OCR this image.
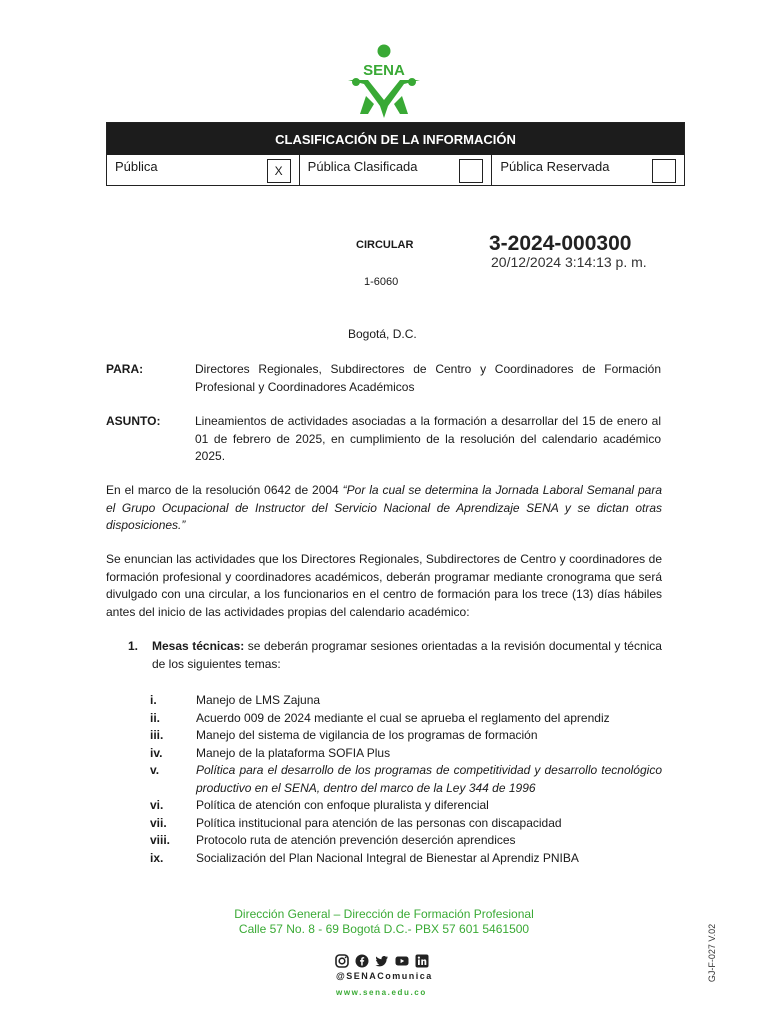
SENA
CLASIFICACIÓN DE LA INFORMACIÓN
Pública	X	Pública Clasificada	Pública Reservada
CIRCULAR	3-2024-000300
20/12/2024 3:14:13 p. m.
1-6060
Bogotá, D.C.
PARA:	Directores Regionales, Subdirectores de Centro y Coordinadores de Formación Profesional y Coordinadores Académicos
ASUNTO:	Lineamientos de actividades asociadas a la formación a desarrollar del 15 de enero al 01 de febrero de 2025, en cumplimiento de la resolución del calendario académico 2025.
En el marco de la resolución 0642 de 2004 “Por la cual se determina la Jornada Laboral Semanal para el Grupo Ocupacional de Instructor del Servicio Nacional de Aprendizaje SENA y se dictan otras disposiciones.”
Se enuncian las actividades que los Directores Regionales, Subdirectores de Centro y coordinadores de formación profesional y coordinadores académicos, deberán programar mediante cronograma que será divulgado con una circular, a los funcionarios en el centro de formación para los trece (13) días hábiles antes del inicio de las actividades propias del calendario académico:
1. Mesas técnicas: se deberán programar sesiones orientadas a la revisión documental y técnica de los siguientes temas:
i.	Manejo de LMS Zajuna
ii.	Acuerdo 009 de 2024 mediante el cual se aprueba el reglamento del aprendiz
iii.	Manejo del sistema de vigilancia de los programas de formación
iv.	Manejo de la plataforma SOFIA Plus
v.	Política para el desarrollo de los programas de competitividad y desarrollo tecnológico productivo en el SENA, dentro del marco de la Ley 344 de 1996
vi.	Política de atención con enfoque pluralista y diferencial
vii. Política institucional para atención de las personas con discapacidad
viii. Protocolo ruta de atención prevención deserción aprendices
ix.	Socialización del Plan Nacional Integral de Bienestar al Aprendiz PNIBA
Dirección General – Dirección de Formación Profesional
Calle 57 No. 8 - 69 Bogotá D.C.- PBX 57 601 5461500
@SENAComunica
www.sena.edu.co
GJ-F-027 V.02
